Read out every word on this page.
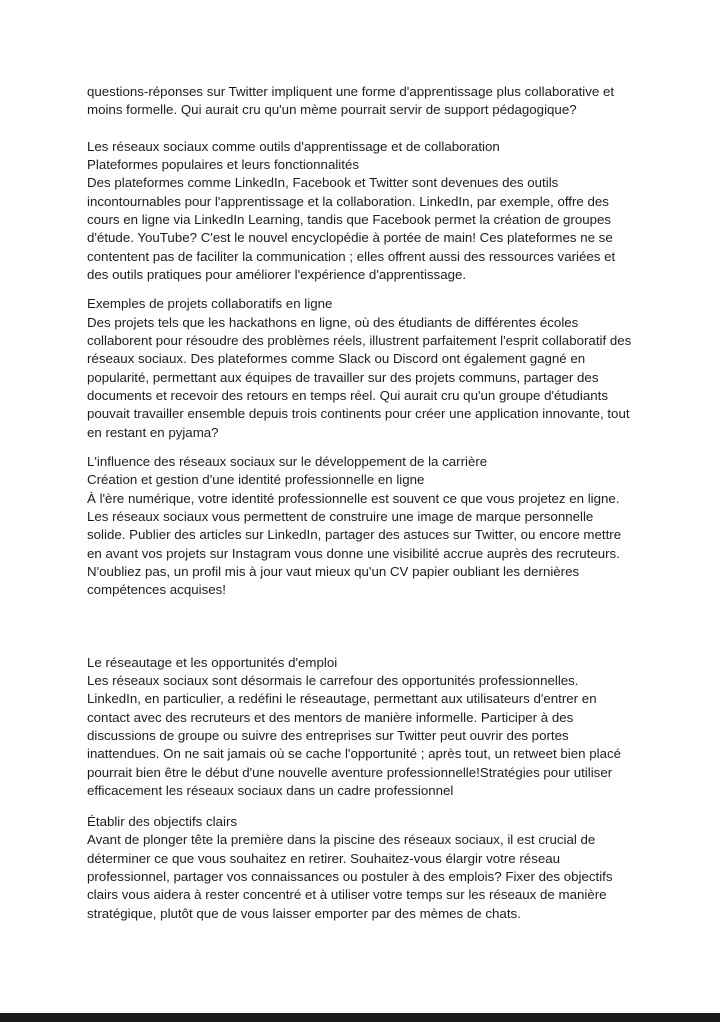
questions-réponses sur Twitter impliquent une forme d'apprentissage plus collaborative et
moins formelle. Qui aurait cru qu'un mème pourrait servir de support pédagogique?

Les réseaux sociaux comme outils d'apprentissage et de collaboration
Plateformes populaires et leurs fonctionnalités
Des plateformes comme LinkedIn, Facebook et Twitter sont devenues des outils
incontournables pour l'apprentissage et la collaboration. LinkedIn, par exemple, offre des
cours en ligne via LinkedIn Learning, tandis que Facebook permet la création de groupes
d'étude. YouTube? C'est le nouvel encyclopédie à portée de main! Ces plateformes ne se
contentent pas de faciliter la communication ; elles offrent aussi des ressources variées et
des outils pratiques pour améliorer l'expérience d'apprentissage.

Exemples de projets collaboratifs en ligne
Des projets tels que les hackathons en ligne, où des étudiants de différentes écoles
collaborent pour résoudre des problèmes réels, illustrent parfaitement l'esprit collaboratif des
réseaux sociaux. Des plateformes comme Slack ou Discord ont également gagné en
popularité, permettant aux équipes de travailler sur des projets communs, partager des
documents et recevoir des retours en temps réel. Qui aurait cru qu'un groupe d'étudiants
pouvait travailler ensemble depuis trois continents pour créer une application innovante, tout
en restant en pyjama?

L'influence des réseaux sociaux sur le développement de la carrière
Création et gestion d'une identité professionnelle en ligne
À l'ère numérique, votre identité professionnelle est souvent ce que vous projetez en ligne.
Les réseaux sociaux vous permettent de construire une image de marque personnelle
solide. Publier des articles sur LinkedIn, partager des astuces sur Twitter, ou encore mettre
en avant vos projets sur Instagram vous donne une visibilité accrue auprès des recruteurs.
N'oubliez pas, un profil mis à jour vaut mieux qu'un CV papier oubliant les dernières
compétences acquises!

Le réseautage et les opportunités d'emploi
Les réseaux sociaux sont désormais le carrefour des opportunités professionnelles.
LinkedIn, en particulier, a redéfini le réseautage, permettant aux utilisateurs d'entrer en
contact avec des recruteurs et des mentors de manière informelle. Participer à des
discussions de groupe ou suivre des entreprises sur Twitter peut ouvrir des portes
inattendues. On ne sait jamais où se cache l'opportunité ; après tout, un retweet bien placé
pourrait bien être le début d'une nouvelle aventure professionnelle!Stratégies pour utiliser
efficacement les réseaux sociaux dans un cadre professionnel

Établir des objectifs clairs
Avant de plonger tête la première dans la piscine des réseaux sociaux, il est crucial de
déterminer ce que vous souhaitez en retirer. Souhaitez-vous élargir votre réseau
professionnel, partager vos connaissances ou postuler à des emplois? Fixer des objectifs
clairs vous aidera à rester concentré et à utiliser votre temps sur les réseaux de manière
stratégique, plutôt que de vous laisser emporter par des mèmes de chats.
